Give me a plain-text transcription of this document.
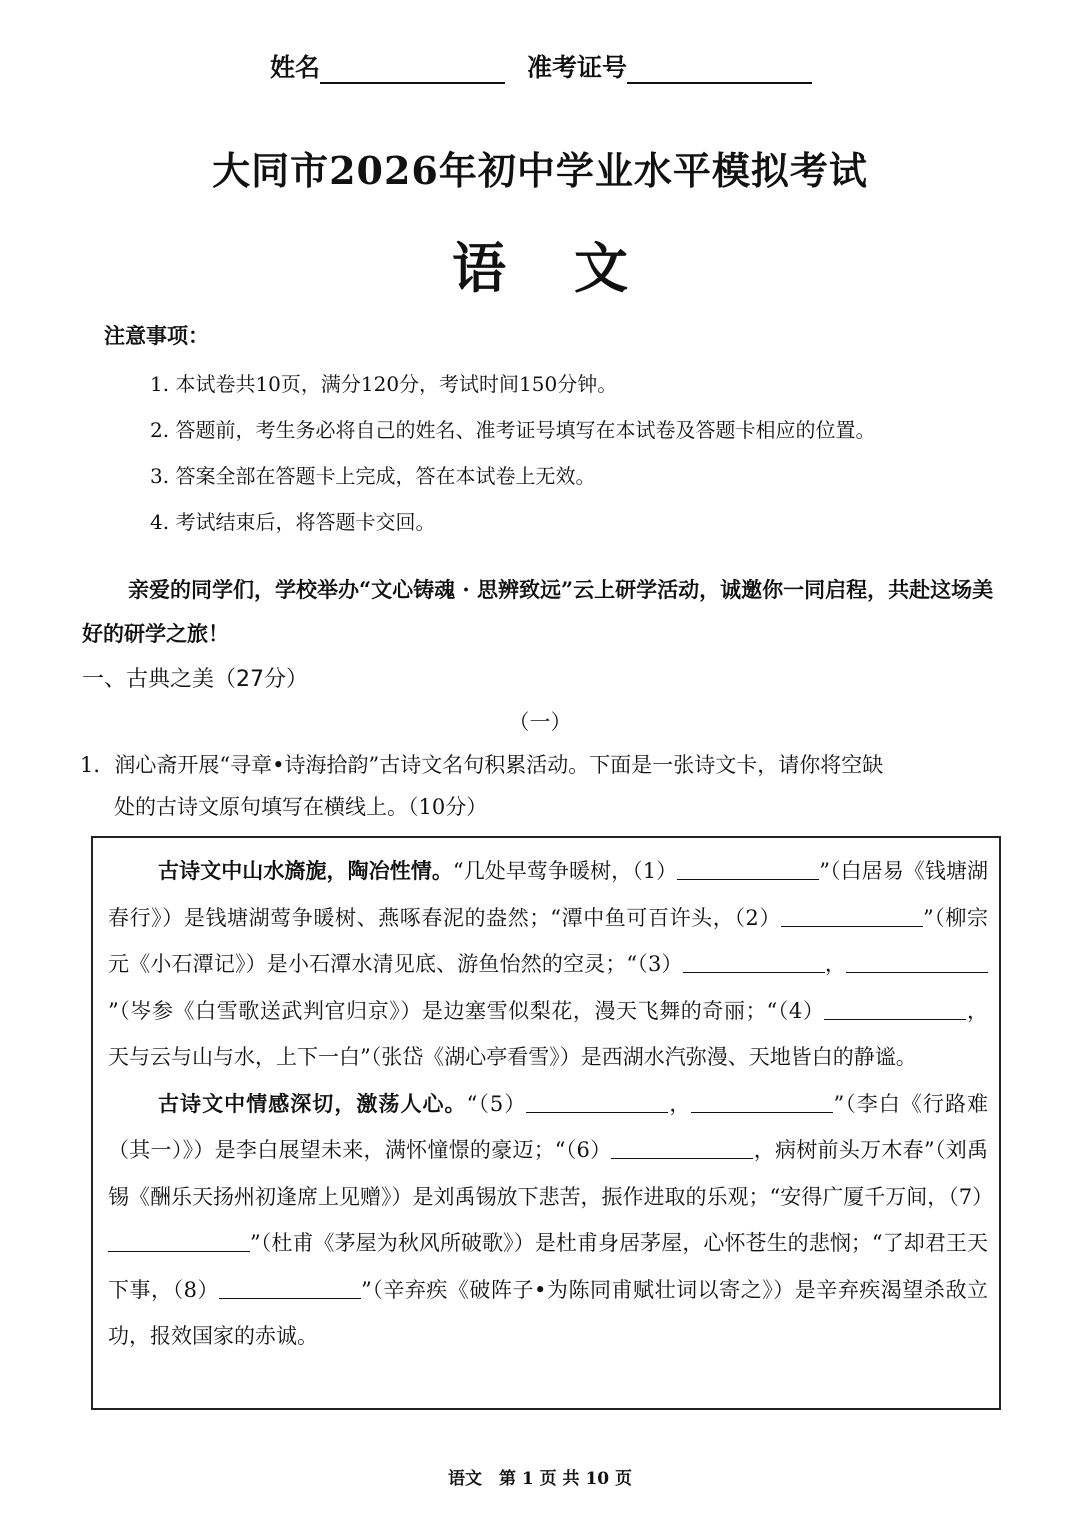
姓名	准考证号
大同市2026年初中学业水平模拟考试
语 文
注意事项：
1. 本试卷共10页，满分120分，考试时间150分钟。
2. 答题前，考生务必将自己的姓名、准考证号填写在本试卷及答题卡相应的位置。
3. 答案全部在答题卡上完成，答在本试卷上无效。
4. 考试结束后，将答题卡交回。
亲爱的同学们，学校举办“文心铸魂 · 思辨致远”云上研学活动，诚邀你一同启程，共赴这场美好的研学之旅！
一、古典之美（27分）
（一）
1．润心斋开展“寻章•诗海拾韵”古诗文名句积累活动。下面是一张诗文卡，请你将空缺
处的古诗文原句填写在横线上。（10分）

古诗文中山水旖旎，陶冶性情。“几处早莺争暖树，（1）	”（白居易《钱塘湖春行》）是钱塘湖莺争暖树、燕啄春泥的盎然；“潭中鱼可百许头，（2）	”（柳宗元《小石潭记》）是小石潭水清见底、游鱼怡然的空灵；“（3）	，”（岑参《白雪歌送武判官归京》）是边塞雪似梨花，漫天飞舞的奇丽；“（4）	，天与云与山与水，上下一白”（张岱《湖心亭看雪》）是西湖水汽弥漫、天地皆白的静谧。

古诗文中情感深切，激荡人心。“（5）	，	”（李白《行路难（其一）》）是李白展望未来，满怀憧憬的豪迈；“（6）	，病树前头万木春”（刘禹锡《酬乐天扬州初逢席上见赠》）是刘禹锡放下悲苦，振作进取的乐观；“安得广厦千万间，（7）”（杜甫《茅屋为秋风所破歌》）是杜甫身居茅屋，心怀苍生的悲悯；“了却君王天下事，（8）	”（辛弃疾《破阵子•为陈同甫赋壮词以寄之》）是辛弃疾渴望杀敌立功，报效国家的赤诚。

语文　第 1 页 共 10 页
